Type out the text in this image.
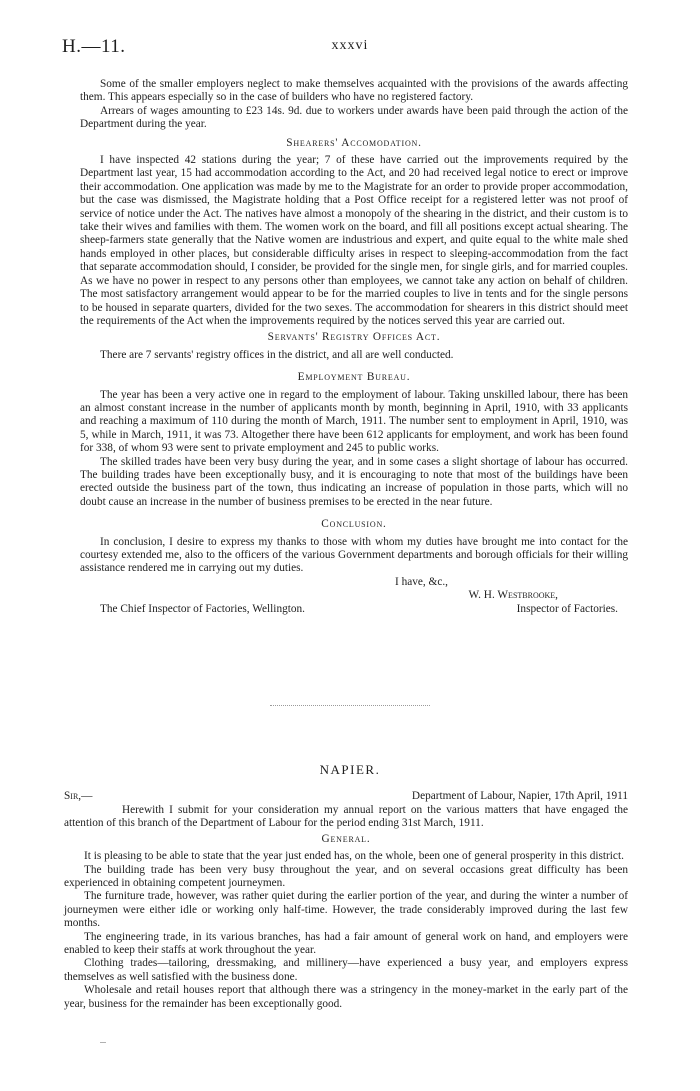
H.—11.	xxxvi

Some of the smaller employers neglect to make themselves acquainted with the provisions of the awards affecting them. This appears especially so in the case of builders who have no registered factory.

Arrears of wages amounting to £23 14s. 9d. due to workers under awards have been paid through the action of the Department during the year.

Shearers' Accomodation.

I have inspected 42 stations during the year; 7 of these have carried out the improvements required by the Department last year, 15 had accommodation according to the Act, and 20 had received legal notice to erect or improve their accommodation. One application was made by me to the Magistrate for an order to provide proper accommodation, but the case was dismissed, the Magistrate holding that a Post Office receipt for a registered letter was not proof of service of notice under the Act. The natives have almost a monopoly of the shearing in the district, and their custom is to take their wives and families with them. The women work on the board, and fill all positions except actual shearing. The sheep-farmers state generally that the Native women are industrious and expert, and quite equal to the white male shed hands employed in other places, but considerable difficulty arises in respect to sleeping-accommodation from the fact that separate accommodation should, I consider, be provided for the single men, for single girls, and for married couples. As we have no power in respect to any persons other than employees, we cannot take any action on behalf of children. The most satisfactory arrangement would appear to be for the married couples to live in tents and for the single persons to be housed in separate quarters, divided for the two sexes. The accommodation for shearers in this district should meet the requirements of the Act when the improvements required by the notices served this year are carried out.

Servants' Registry Offices Act.

There are 7 servants' registry offices in the district, and all are well conducted.

Employment Bureau.

The year has been a very active one in regard to the employment of labour. Taking unskilled labour, there has been an almost constant increase in the number of applicants month by month, beginning in April, 1910, with 33 applicants and reaching a maximum of 110 during the month of March, 1911. The number sent to employment in April, 1910, was 5, while in March, 1911, it was 73. Altogether there have been 612 applicants for employment, and work has been found for 338, of whom 93 were sent to private employment and 245 to public works.

The skilled trades have been very busy during the year, and in some cases a slight shortage of labour has occurred. The building trades have been exceptionally busy, and it is encouraging to note that most of the buildings have been erected outside the business part of the town, thus indicating an increase of population in those parts, which will no doubt cause an increase in the number of business premises to be erected in the near future.

Conclusion.

In conclusion, I desire to express my thanks to those with whom my duties have brought me into contact for the courtesy extended me, also to the officers of the various Government departments and borough officials for their willing assistance rendered me in carrying out my duties.

I have, &c.,
W. H. Westbrooke,
The Chief Inspector of Factories, Wellington.	Inspector of Factories.
NAPIER.
Sir,—	Department of Labour, Napier, 17th April, 1911

Herewith I submit for your consideration my annual report on the various matters that have engaged the attention of this branch of the Department of Labour for the period ending 31st March, 1911.

General.

It is pleasing to be able to state that the year just ended has, on the whole, been one of general prosperity in this district.

The building trade has been very busy throughout the year, and on several occasions great difficulty has been experienced in obtaining competent journeymen.

The furniture trade, however, was rather quiet during the earlier portion of the year, and during the winter a number of journeymen were either idle or working only half-time. However, the trade considerably improved during the last few months.

The engineering trade, in its various branches, has had a fair amount of general work on hand, and employers were enabled to keep their staffs at work throughout the year.

Clothing trades—tailoring, dressmaking, and millinery—have experienced a busy year, and employers express themselves as well satisfied with the business done.

Wholesale and retail houses report that although there was a stringency in the money-market in the early part of the year, business for the remainder has been exceptionally good.
